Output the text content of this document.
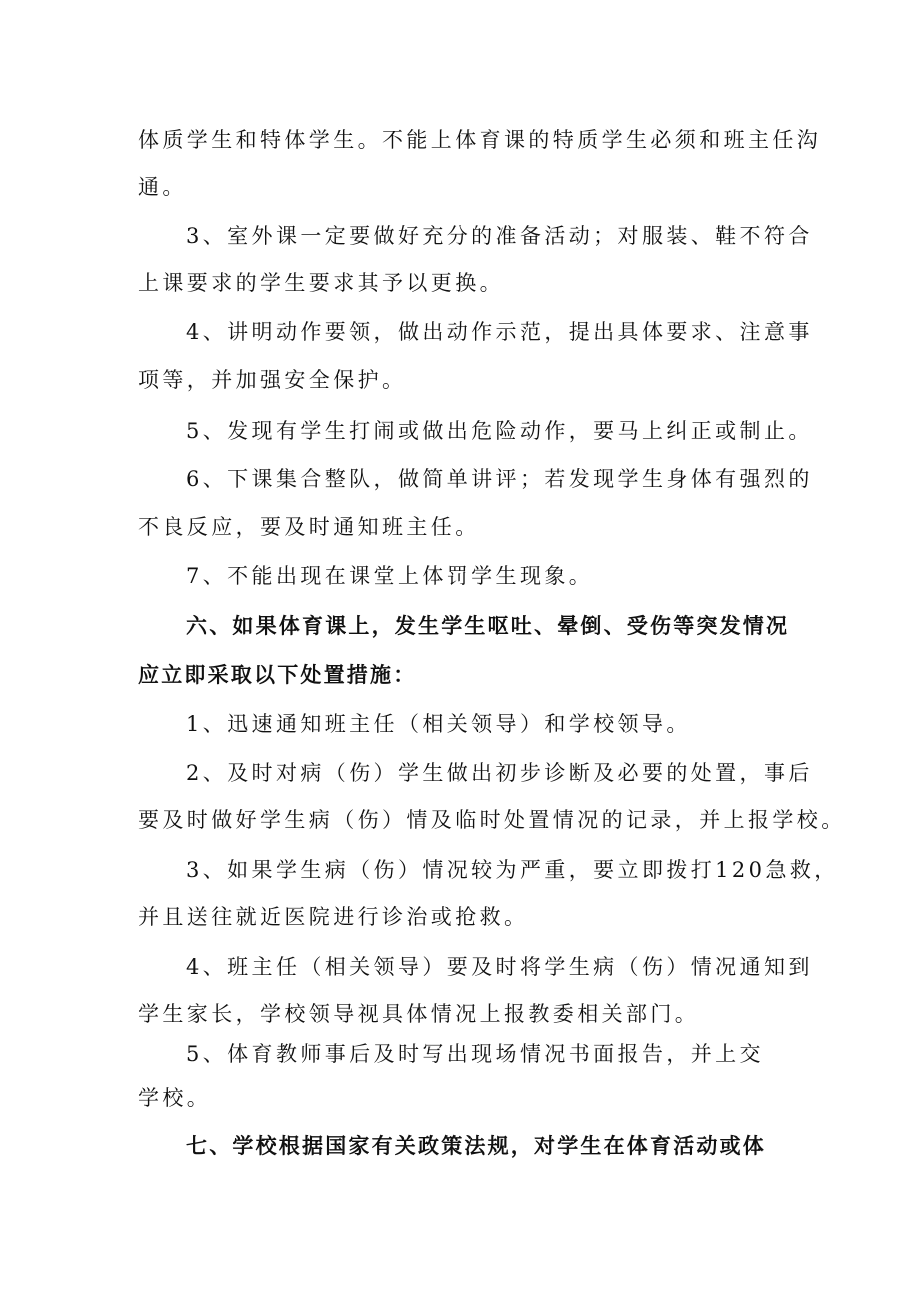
体质学生和特体学生。不能上体育课的特质学生必须和班主任沟
通。
3、室外课一定要做好充分的准备活动；对服装、鞋不符合
上课要求的学生要求其予以更换。
4、讲明动作要领，做出动作示范，提出具体要求、注意事
项等，并加强安全保护。
5、发现有学生打闹或做出危险动作，要马上纠正或制止。
6、下课集合整队，做简单讲评；若发现学生身体有强烈的
不良反应，要及时通知班主任。
7、不能出现在课堂上体罚学生现象。
六、如果体育课上，发生学生呕吐、晕倒、受伤等突发情况
应立即采取以下处置措施：
1、迅速通知班主任（相关领导）和学校领导。
2、及时对病（伤）学生做出初步诊断及必要的处置，事后
要及时做好学生病（伤）情及临时处置情况的记录，并上报学校。
3、如果学生病（伤）情况较为严重，要立即拨打120急救，
并且送往就近医院进行诊治或抢救。
4、班主任（相关领导）要及时将学生病（伤）情况通知到
学生家长，学校领导视具体情况上报教委相关部门。
5、体育教师事后及时写出现场情况书面报告，并上交
学校。
七、学校根据国家有关政策法规，对学生在体育活动或体
